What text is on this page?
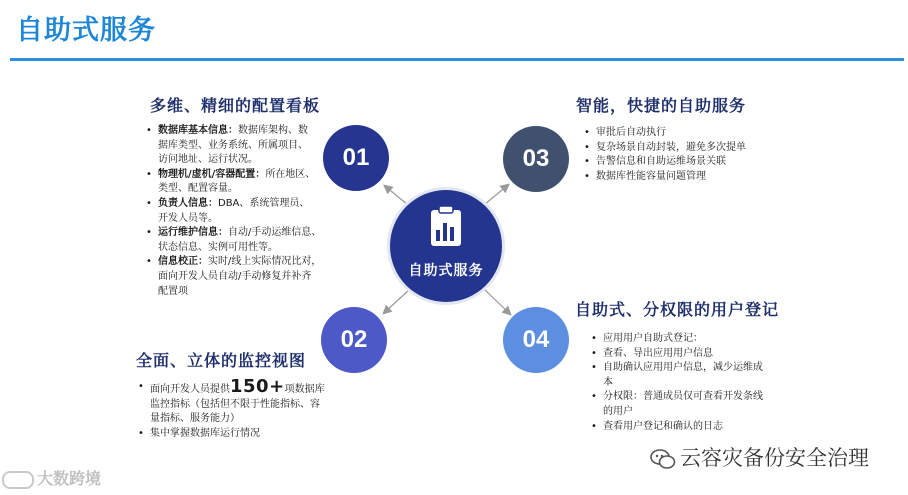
自助式服务
自助式服务
01
02
03
04
多维、精细的配置看板
• 数据库基本信息：数据库架构、数
据库类型、业务系统、所属项目、
访问地址、运行状况。
• 物理机/虚机/容器配置：所在地区、
类型、配置容量。
• 负责人信息：DBA、系统管理员、
开发人员等。
• 运行维护信息：自动/手动运维信息、
状态信息、实例可用性等。
• 信息校正：实时/线上实际情况比对，
面向开发人员自动/手动修复并补齐
配置项
全面、立体的监控视图
• 面向开发人员提供150+项数据库
监控指标（包括但不限于性能指标、容
量指标、服务能力）
• 集中掌握数据库运行情况
智能，快捷的自助服务
• 审批后自动执行
• 复杂场景自动封装，避免多次提单
• 告警信息和自助运维场景关联
• 数据库性能容量问题管理
自助式、分权限的用户登记
• 应用用户自助式登记：
• 查看、导出应用用户信息
• 自助确认应用用户信息，减少运维成
本
• 分权限：普通成员仅可查看开发条线
的用户
• 查看用户登记和确认的日志
大数跨境
云容灾备份安全治理
